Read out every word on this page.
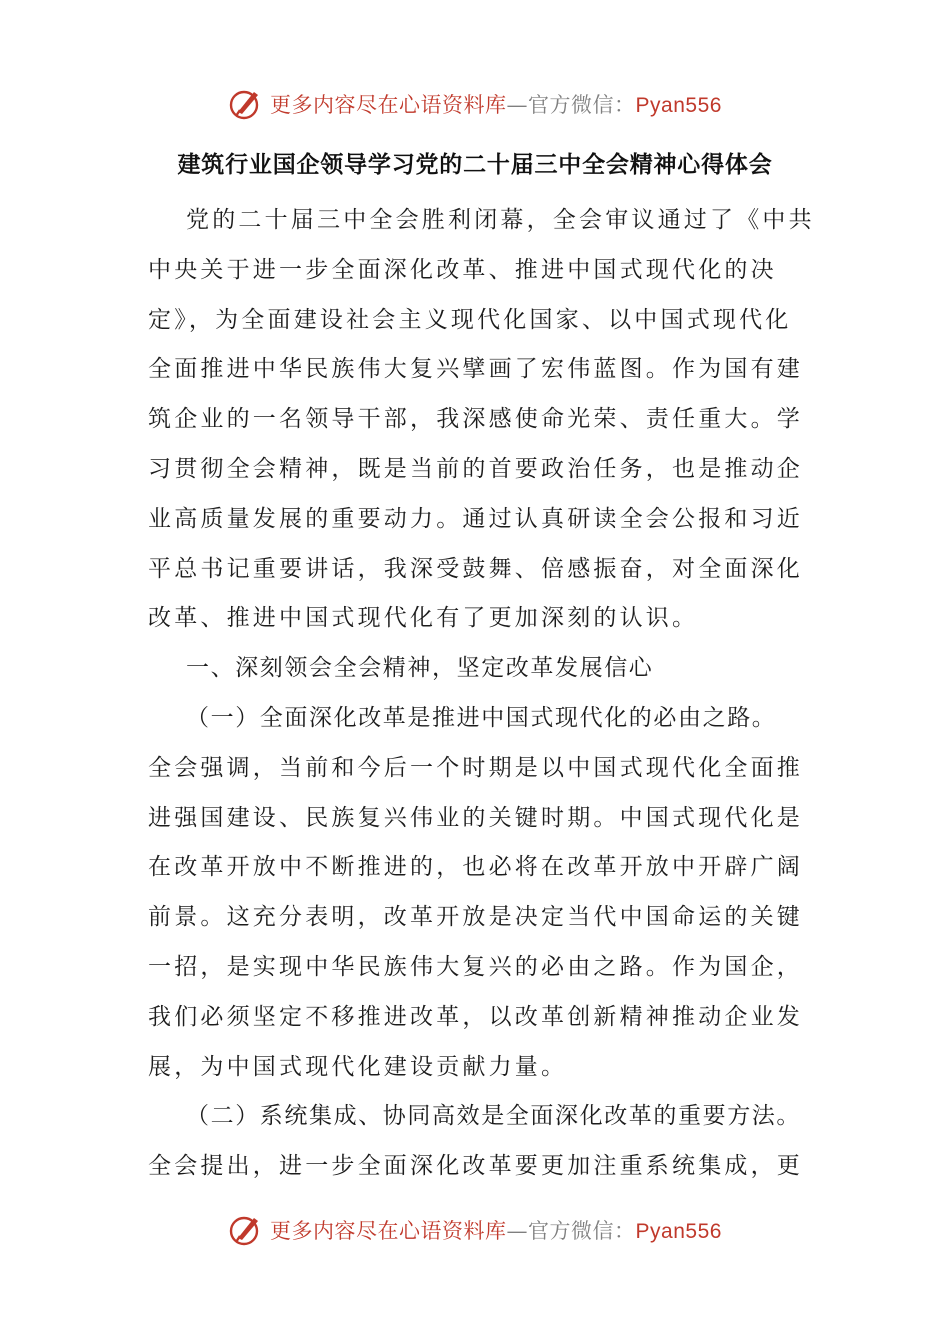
更多内容尽在心语资料库—官方微信：Pyan556
建筑行业国企领导学习党的二十届三中全会精神心得体会
党的二十届三中全会胜利闭幕，全会审议通过了《中共
中央关于进一步全面深化改革、推进中国式现代化的决
定》，为全面建设社会主义现代化国家、以中国式现代化
全面推进中华民族伟大复兴擘画了宏伟蓝图。作为国有建
筑企业的一名领导干部，我深感使命光荣、责任重大。学
习贯彻全会精神，既是当前的首要政治任务，也是推动企
业高质量发展的重要动力。通过认真研读全会公报和习近
平总书记重要讲话，我深受鼓舞、倍感振奋，对全面深化
改革、推进中国式现代化有了更加深刻的认识。
一、深刻领会全会精神，坚定改革发展信心
（一）全面深化改革是推进中国式现代化的必由之路。
全会强调，当前和今后一个时期是以中国式现代化全面推
进强国建设、民族复兴伟业的关键时期。中国式现代化是
在改革开放中不断推进的，也必将在改革开放中开辟广阔
前景。这充分表明，改革开放是决定当代中国命运的关键
一招，是实现中华民族伟大复兴的必由之路。作为国企，
我们必须坚定不移推进改革，以改革创新精神推动企业发
展，为中国式现代化建设贡献力量。
（二）系统集成、协同高效是全面深化改革的重要方法。
全会提出，进一步全面深化改革要更加注重系统集成，更
更多内容尽在心语资料库—官方微信：Pyan556
